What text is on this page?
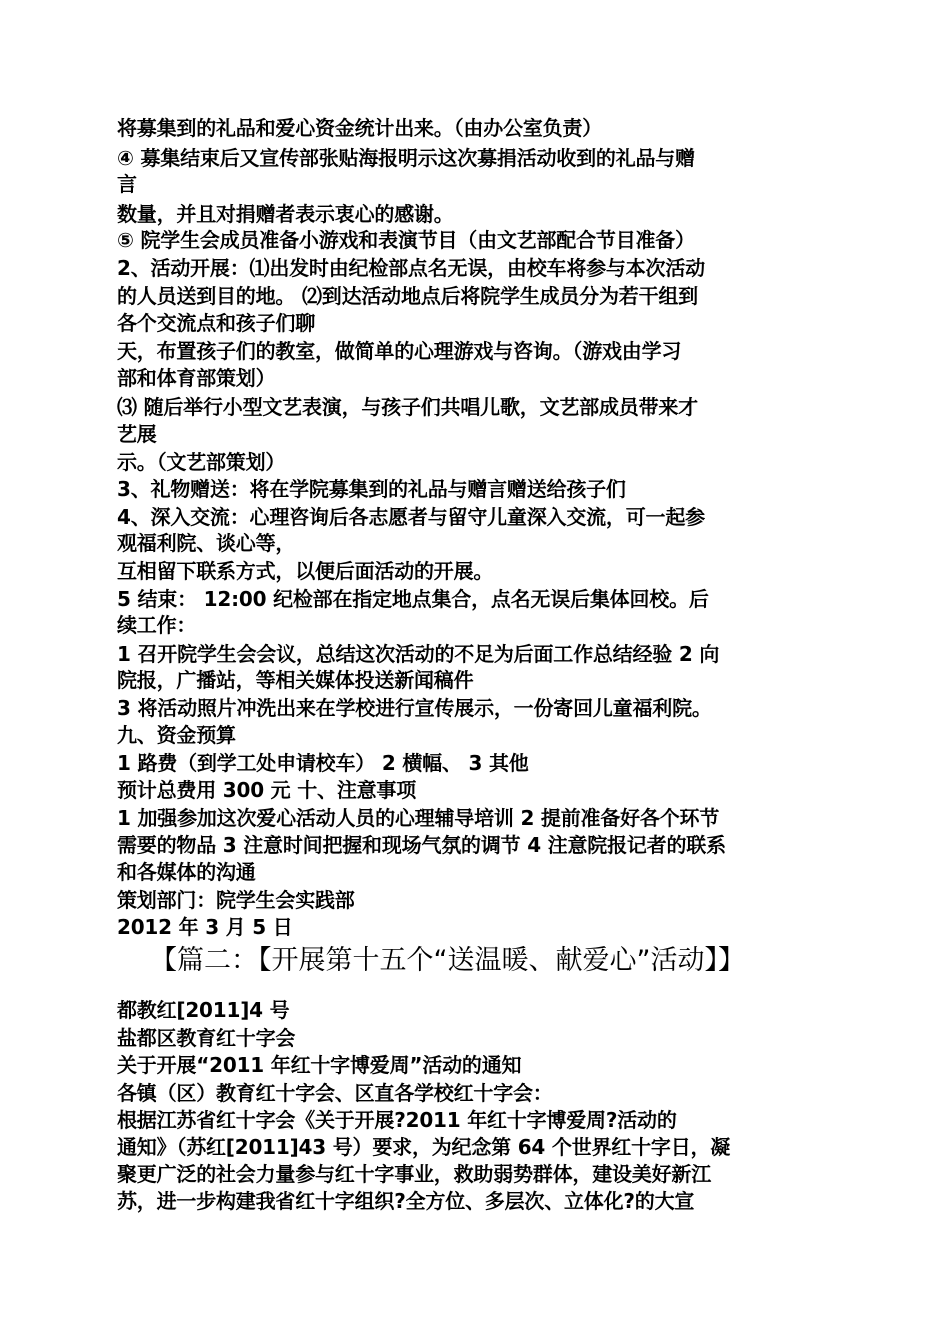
将募集到的礼品和爱心资金统计出来。（由办公室负责）
④ 募集结束后又宣传部张贴海报明示这次募捐活动收到的礼品与赠
言
数量，并且对捐赠者表示衷心的感谢。
⑤ 院学生会成员准备小游戏和表演节目（由文艺部配合节目准备）
2、活动开展：⑴出发时由纪检部点名无误，由校车将参与本次活动
的人员送到目的地。 ⑵到达活动地点后将院学生成员分为若干组到
各个交流点和孩子们聊
天，布置孩子们的教室，做简单的心理游戏与咨询。（游戏由学习
部和体育部策划）
⑶ 随后举行小型文艺表演，与孩子们共唱儿歌，文艺部成员带来才
艺展
示。（文艺部策划）
3、礼物赠送：将在学院募集到的礼品与赠言赠送给孩子们
4、深入交流：心理咨询后各志愿者与留守儿童深入交流，可一起参
观福利院、谈心等，
互相留下联系方式，以便后面活动的开展。
5 结束： 12:00 纪检部在指定地点集合，点名无误后集体回校。后
续工作：
1 召开院学生会会议，总结这次活动的不足为后面工作总结经验 2 向
院报，广播站，等相关媒体投送新闻稿件
3 将活动照片冲洗出来在学校进行宣传展示，一份寄回儿童福利院。
九、资金预算
1 路费（到学工处申请校车） 2 横幅、 3 其他
预计总费用 300 元 十、注意事项
1 加强参加这次爱心活动人员的心理辅导培训 2 提前准备好各个环节
需要的物品 3 注意时间把握和现场气氛的调节 4 注意院报记者的联系
和各媒体的沟通
策划部门：院学生会实践部
2012 年 3 月 5 日
【篇二：【开展第十五个“送温暖、献爱心”活动】】
都教红[2011]4 号
盐都区教育红十字会
关于开展“2011 年红十字博爱周”活动的通知
各镇（区）教育红十字会、区直各学校红十字会：
根据江苏省红十字会《关于开展?2011 年红十字博爱周?活动的
通知》（苏红[2011]43 号）要求，为纪念第 64 个世界红十字日，凝
聚更广泛的社会力量参与红十字事业，救助弱势群体，建设美好新江
苏，进一步构建我省红十字组织?全方位、多层次、立体化?的大宣
